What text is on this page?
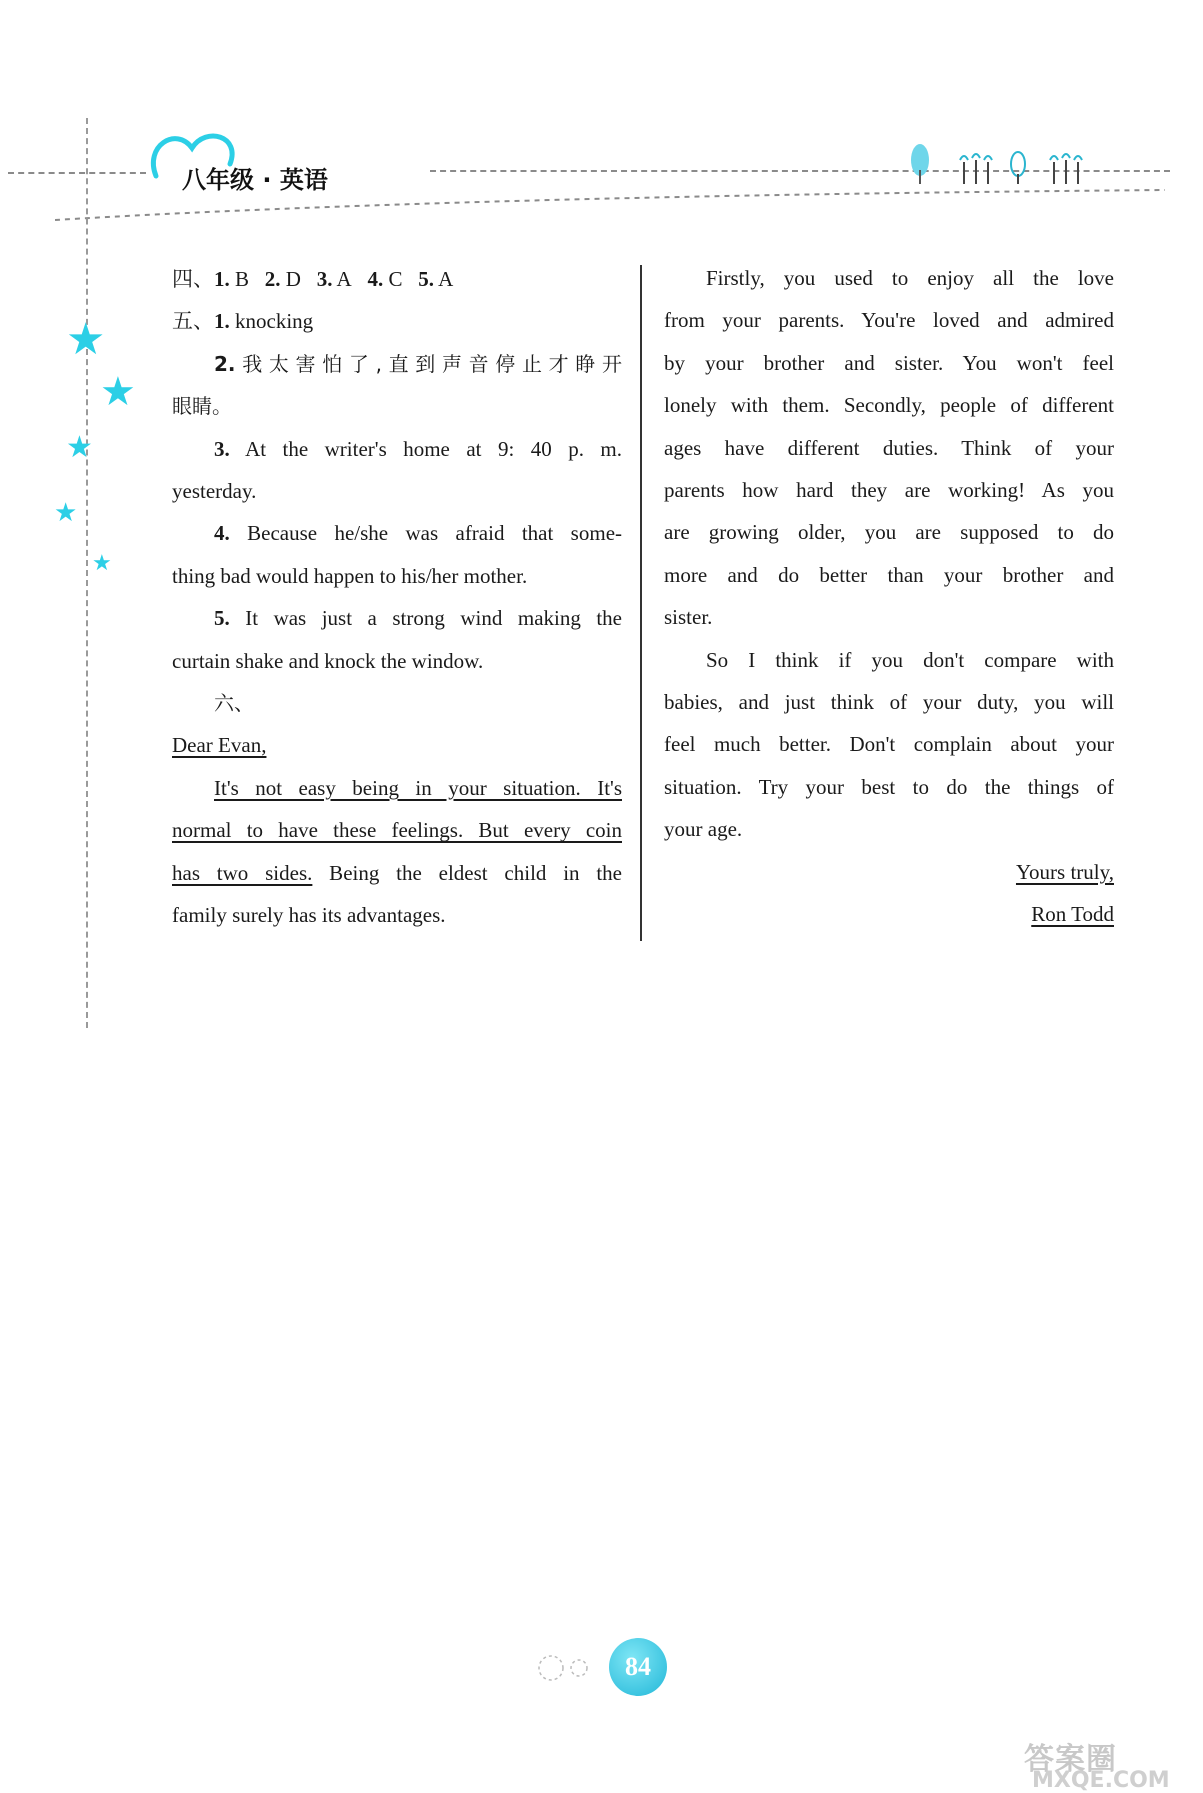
八年级 · 英语
★
★
★
★
★

四、1. B 2. D 3. A 4. C 5. A

五、1. knocking

2.我太害怕了,直到声音停止才睁开

眼睛。

3. At the writer's home at 9: 40 p. m.

yesterday.

4. Because he/she was afraid that some-

thing bad would happen to his/her mother.

5. It was just a strong wind making the

curtain shake and knock the window.

六、

Dear Evan,

It's not easy being in your situation. It's

normal to have these feelings. But every coin

has two sides. Being the eldest child in the

family surely has its advantages.

Firstly, you used to enjoy all the love

from your parents. You're loved and admired

by your brother and sister. You won't feel

lonely with them. Secondly, people of different

ages have different duties. Think of your

parents how hard they are working! As you

are growing older, you are supposed to do

more and do better than your brother and

sister.

So I think if you don't compare with

babies, and just think of your duty, you will

feel much better. Don't complain about your

situation. Try your best to do the things of

your age.

Yours truly,

Ron Todd

84
答案圈
MXQE.COM
